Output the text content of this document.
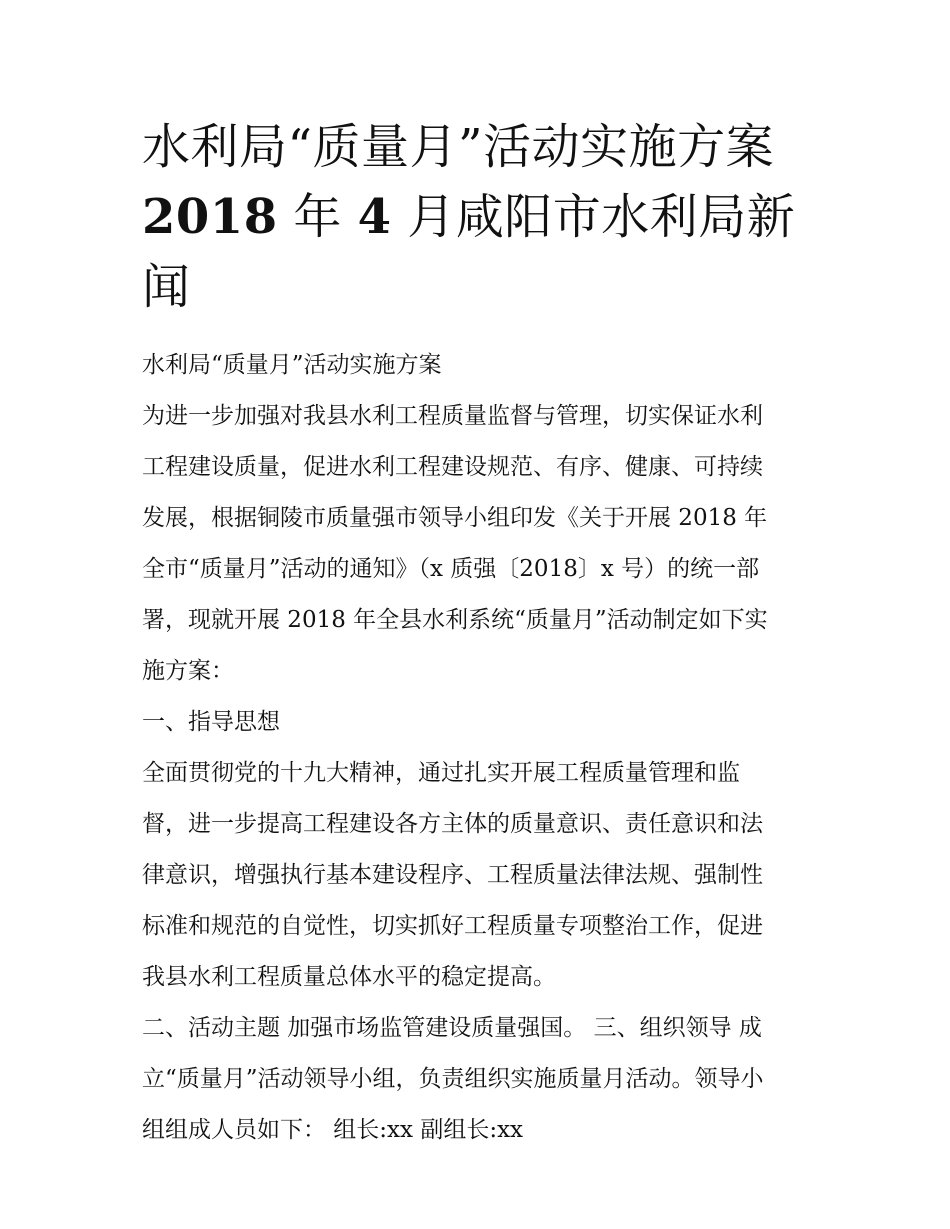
水利局“质量月”活动实施方案
2018 年 4 月咸阳市水利局新闻

水利局“质量月”活动实施方案

为进一步加强对我县水利工程质量监督与管理，切实保证水利

工程建设质量，促进水利工程建设规范、有序、健康、可持续

发展，根据铜陵市质量强市领导小组印发《关于开展 2018 年

全市“质量月”活动的通知》（x 质强〔2018〕x 号）的统一部

署，现就开展 2018 年全县水利系统“质量月”活动制定如下实

施方案：

一、指导思想

全面贯彻党的十九大精神，通过扎实开展工程质量管理和监

督，进一步提高工程建设各方主体的质量意识、责任意识和法

律意识，增强执行基本建设程序、工程质量法律法规、强制性

标准和规范的自觉性，切实抓好工程质量专项整治工作，促进

我县水利工程质量总体水平的稳定提高。

二、活动主题 加强市场监管建设质量强国。 三、组织领导 成

立“质量月”活动领导小组，负责组织实施质量月活动。领导小

组组成人员如下： 组长:xx 副组长:xx
